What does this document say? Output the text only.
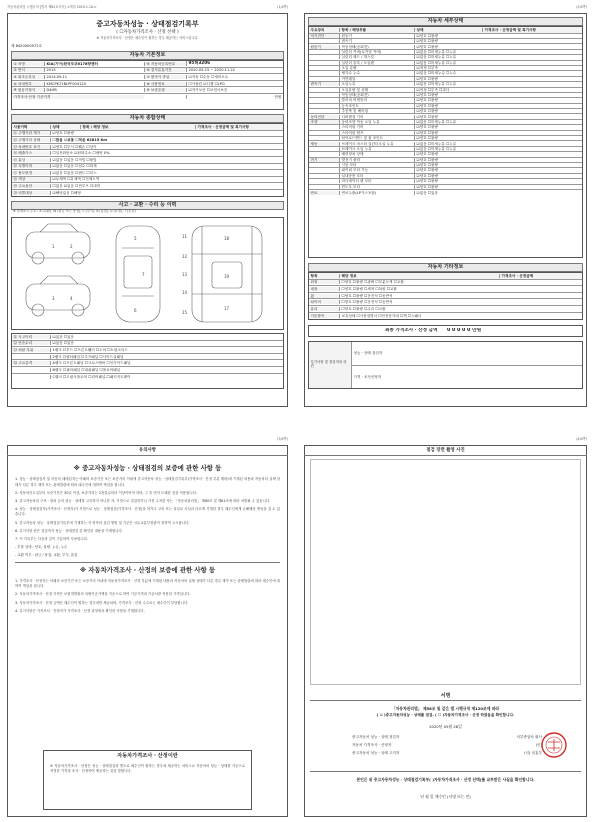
자동차관리법 시행규칙 [별지 제82호서식] <개정 2019.1.18.>	(1/4쪽)
중고자동차성능 · 상태점검기록부
( ☐자동차가격조사 · 산정 선택 )
※ 자동차가격조사 · 산정은 매수인이 원하는 경우 제공하는 서비스입니다.
제 8420000972호
자동차 기본정보
① 차명	KIA(기아)한국모코6178량렌터	⑤ 자동차등록번호	95허3206
② 연식	2015	⑥ 검사유효기간	2020.05.23 ~ 2020.11.22
③ 최초등록일	2014.09.11	⑦ 변속기 종류	☑자동 ☐수동 ☐세미오토
④ 차대번호	KMCPK71BLPF004120	⑧ 사용연료	☐가솔린 ☑디젤 ☐LPG
⑨ 원동기형식	D4HB	⑩ 보증유형	☑자가보증 ☐보험사보증
가격조사·산정 기준가격	만원
자동차 종합상태
사용이력	상태	항목 / 해당 정보	가격조사 · 산정금액 및 특기사항
⑪ 주행거리 계기	☑양호 ☐불량
⑫ 주행거리 상태	☐많음 ☑보통 ☐적음 62815 Km
⑬ 차대번호 표기	☑양호 ☐부식 ☐훼손 ☐상이
⑭ 배출가스	☐일산화탄소 ☑탄화수소 ☐매연 0%
⑮ 튜닝	☑없음 ☐있음 ☐적법 ☐불법
⑯ 특별이력	☑없음 ☐있음 ☐침수 ☐화재
⑰ 용도변경	☑없음 ☐있음 ☐렌트 ☐리스
⑱ 색상	☑무채색 ☐유채색 ☐전체도색
⑲ 주요옵션	☐없음 ☑있음 ☐썬루프 ☐네비
⑳ 리콜대상	☑해당없음 ☐해당
사고 · 교환 · 수리 등 이력
※ 상태표시 부호 : X (교환), W (판금 또는 용접), C (부식), A (흠집), U (요철), T (손상)
1	2
3	4
5
7
6
11
12
13
14
15
18
19
17
㉑ 사고이력	☑없음 ☐있음
㉒ 단순수리	☑없음 ☐있음
㉓ 외판 부위	1랭크 ☐후드 ☐프론트휀더 ☐도어 ☐트렁크리드
2랭크 ☐쿼터패널 ☐루프패널 ☐사이드실패널
㉔ 주요골격	A랭크 ☐프론트패널 ☐크로스멤버 ☐인사이드패널
B랭크 ☐필러패널 ☐대쉬패널 ☐플로어패널
C랭크 ☐트렁크플로어 ☐리어패널 ☐패키지트레이
(2/4쪽)
자동차 세부상태
주요장치	항목 / 해당부품	상태	가격조사 · 산정금액 및 특기사항
자기진단	원동기	☑양호 ☐불량
변속기	☑양호 ☐불량
원동기	작동상태(공회전)	☑양호 ☐불량
실린더 커버(로커암 커버)	☑없음 ☐미세누유 ☐누유
실린더 헤드 / 개스킷	☑없음 ☐미세누유 ☐누유
실린더 블록 / 오일팬	☑없음 ☐미세누유 ☐누유
오일 유량	☑적정 ☐부족
냉각수 누수	☑없음 ☐미세누수 ☐누수
커먼레일	☑양호 ☐불량
변속기	오일누유	☑없음 ☐미세누유 ☐누유
오일유량 및 상태	☑적정 ☐부족 ☐과다
작동상태(공회전)	☑양호 ☐불량
클러치 어셈블리	☑양호 ☐불량
등속조인트	☑양호 ☐불량
추진축 및 베어링	☑양호 ☐불량
동력전달	디퍼렌셜 기어	☑양호 ☐불량
조향	동력조향 작동 오일 누유	☑없음 ☐미세누유 ☐누유
스티어링 기어	☑양호 ☐불량
스티어링 펌프	☑양호 ☐불량
타이로드엔드 및 볼 조인트	☑양호 ☐불량
제동	브레이크 마스터 실린더오일 누유	☑없음 ☐미세누유 ☐누유
브레이크 오일 누유	☑없음 ☐미세누유 ☐누유
배력장치 상태	☑양호 ☐불량
전기	발전기 출력	☑양호 ☐불량
시동 모터	☑양호 ☐불량
와이퍼 모터 기능	☑양호 ☐불량
실내송풍 모터	☑양호 ☐불량
라디에이터 팬 모터	☑양호 ☐불량
윈도우 모터	☑양호 ☐불량
연료	연료누출(LP가스포함)	☑없음 ☐있음
자동차 기타정보
항목	해당 정보	가격조사 · 산정금액
외장	☐양호 ☐불량 ☐광택 ☐부분도색 ☐교환
내장	☐양호 ☐불량 ☐세척 ☐복원 ☐교환
휠	☐양호 ☐불량 ☐운전석 ☐동반석
타이어	☐양호 ☐불량 ☐운전석 ☐동반석
유리	☐양호 ☐불량 ☐수리 ☐교환
기본품목	보유상태 ☐사용설명서 ☐안전삼각대 ☐잭 ☐스패너
최종 가격조사 · 산정 금액	0 0 0 0 0 만원
특기사항 및 점검자의 의견
성능 · 상태 점검자
가격 · 조사산정자
(3/4쪽)
유의사항
※ 중고자동차성능 · 상태점검의 보증에 관한 사항 등
1. 성능 · 상태점검자 및 자동차 매매업자는 아래의 보증기간 또는 보증거리 이내에 중고자동차 성능 · 상태점검기록부(가격조사 · 산정 부분 제외)에 기재된 내용과 자동차의 실제 상태가 다른 경우 계약 또는 관계법령에 따라 매수인에 대하여 책임을 집니다.
2. 자동차인도일부터 보증기간은 30일 이상, 보증거리는 2천킬로미터 이상이어야 하며, 그 중 먼저 도래한 것을 적용합니다.
3. 중고자동차의 구조 · 장치 등의 성능 · 상태를 고지하지 아니한 자, 거짓으로 점검하거나 거짓 고지한 자는 「자동차관리법」 제80조 및 제81조에 따라 처벌될 수 있습니다.
4. 성능 · 상태점검자(가격조사 · 산정자)가 거짓으로 성능 · 상태점검(가격조사 · 산정)을 하거나 고의 또는 과실로 사실과 다르게 기재한 경우 매수인에게 손해배상 책임을 질 수 있습니다.
5. 중고자동차 성능 · 상태점검기록부에 기재하는 각 항목의 점검 방법 및 기준은 국토교통부장관이 정하여 고시합니다.
6. 특기사항 란은 점검자가 성능 · 상태점검 중 확인한 내용을 기재합니다.
7. 이 기록부는 다음과 같이 구분하여 사용합니다.
- 부품 상태 : 양호, 불량, 누유, 누수
- 교환 여부 : 판금 / 용접, 교환, 부식, 흠집
※ 자동차가격조사 · 산정의 보증에 관한 사항 등
1. 가격조사 · 산정자는 아래의 보증기간 또는 보증거리 이내에 자동차가격조사 · 산정 부분에 기재된 내용과 자동차의 실제 상태가 다른 경우 계약 또는 관계법령에 따라 매수인에 대하여 책임을 집니다.
2. 자동차가격조사 · 산정 가격은 보험개발원의 차량기준가액을 기준으로 하여 기준가격과 기준서를 적용한 가격입니다.
3. 자동차가격조사 · 산정 금액은 매수인이 원하는 경우에만 제공되며, 가격조사 · 산정 수수료는 매수인이 부담합니다.
4. 특기사항은 가격조사 · 산정자가 가격조사 · 산정 과정에서 확인한 사항을 기재합니다.
자동차가격조사 · 산정이란
※ 자동차가격조사 · 산정은 성능 · 상태점검과 별도로 매수인이 원하는 경우에 제공하는 서비스로 자동차의 성능 · 상태를 기준으로 적정한 가격을 조사 · 산정하여 제공하는 것을 말합니다.
(4/4쪽)
점검 장면 촬영 사진
서명
「자동차관리법」 제58조 및 같은 법 시행규칙 제120조에 따라
( ☑ )중고자동차성능 · 상태를 점검, ( ☐ )자동차가격조사 · 산정 하였음을 확인합니다.
2020년 05월 28일
중고자동차 성능 · 상태 점검자	서부중앙차 회사
자동차 가격조사 · 산정자	(인)
중고자동차 성능 · 상태 고지자	(인) 임홍부
본인은 위 중고자동차성능 · 상태점검기록부( )자동차가격조사 · 산정 선택)를 교부받은 사실을 확인합니다.
년 월 일 매수인 (서명 또는 인)
